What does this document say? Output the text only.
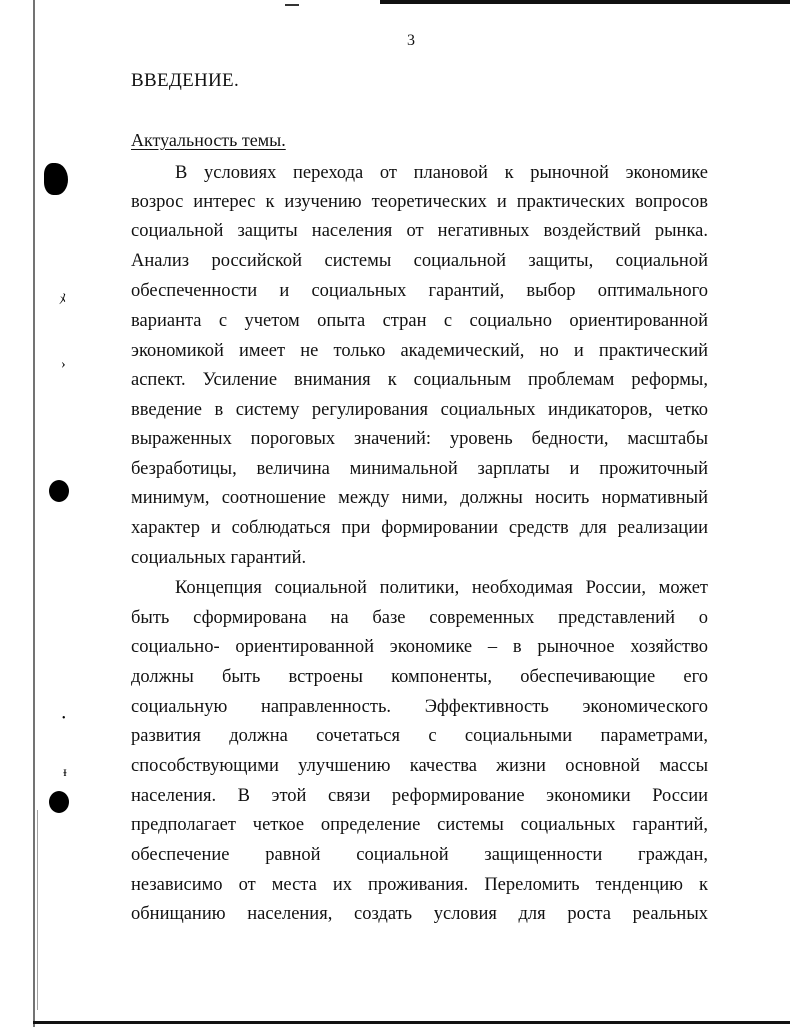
ﾒ
›
•
ᵻ
3
ВВЕДЕНИЕ.
Актуальность темы.
В условиях перехода от плановой к рыночной экономике
возрос интерес к изучению теоретических и практических вопросов
социальной защиты населения от негативных воздействий рынка.
Анализ российской системы социальной защиты, социальной
обеспеченности и социальных гарантий, выбор оптимального
варианта с учетом опыта стран с социально ориентированной
экономикой имеет не только академический, но и практический
аспект. Усиление внимания к социальным проблемам реформы,
введение в систему регулирования социальных индикаторов, четко
выраженных пороговых значений: уровень бедности, масштабы
безработицы, величина минимальной зарплаты и прожиточный
минимум, соотношение между ними, должны носить нормативный
характер и соблюдаться при формировании средств для реализации
социальных гарантий.
Концепция социальной политики, необходимая России, может
быть сформирована на базе современных представлений о
социально- ориентированной экономике – в рыночное хозяйство
должны быть встроены компоненты, обеспечивающие его
социальную направленность. Эффективность экономического
развития должна сочетаться с социальными параметрами,
способствующими улучшению качества жизни основной массы
населения. В этой связи реформирование экономики России
предполагает четкое определение системы социальных гарантий,
обеспечение равной социальной защищенности граждан,
независимо от места их проживания. Переломить тенденцию к
обнищанию населения, создать условия для роста реальных
